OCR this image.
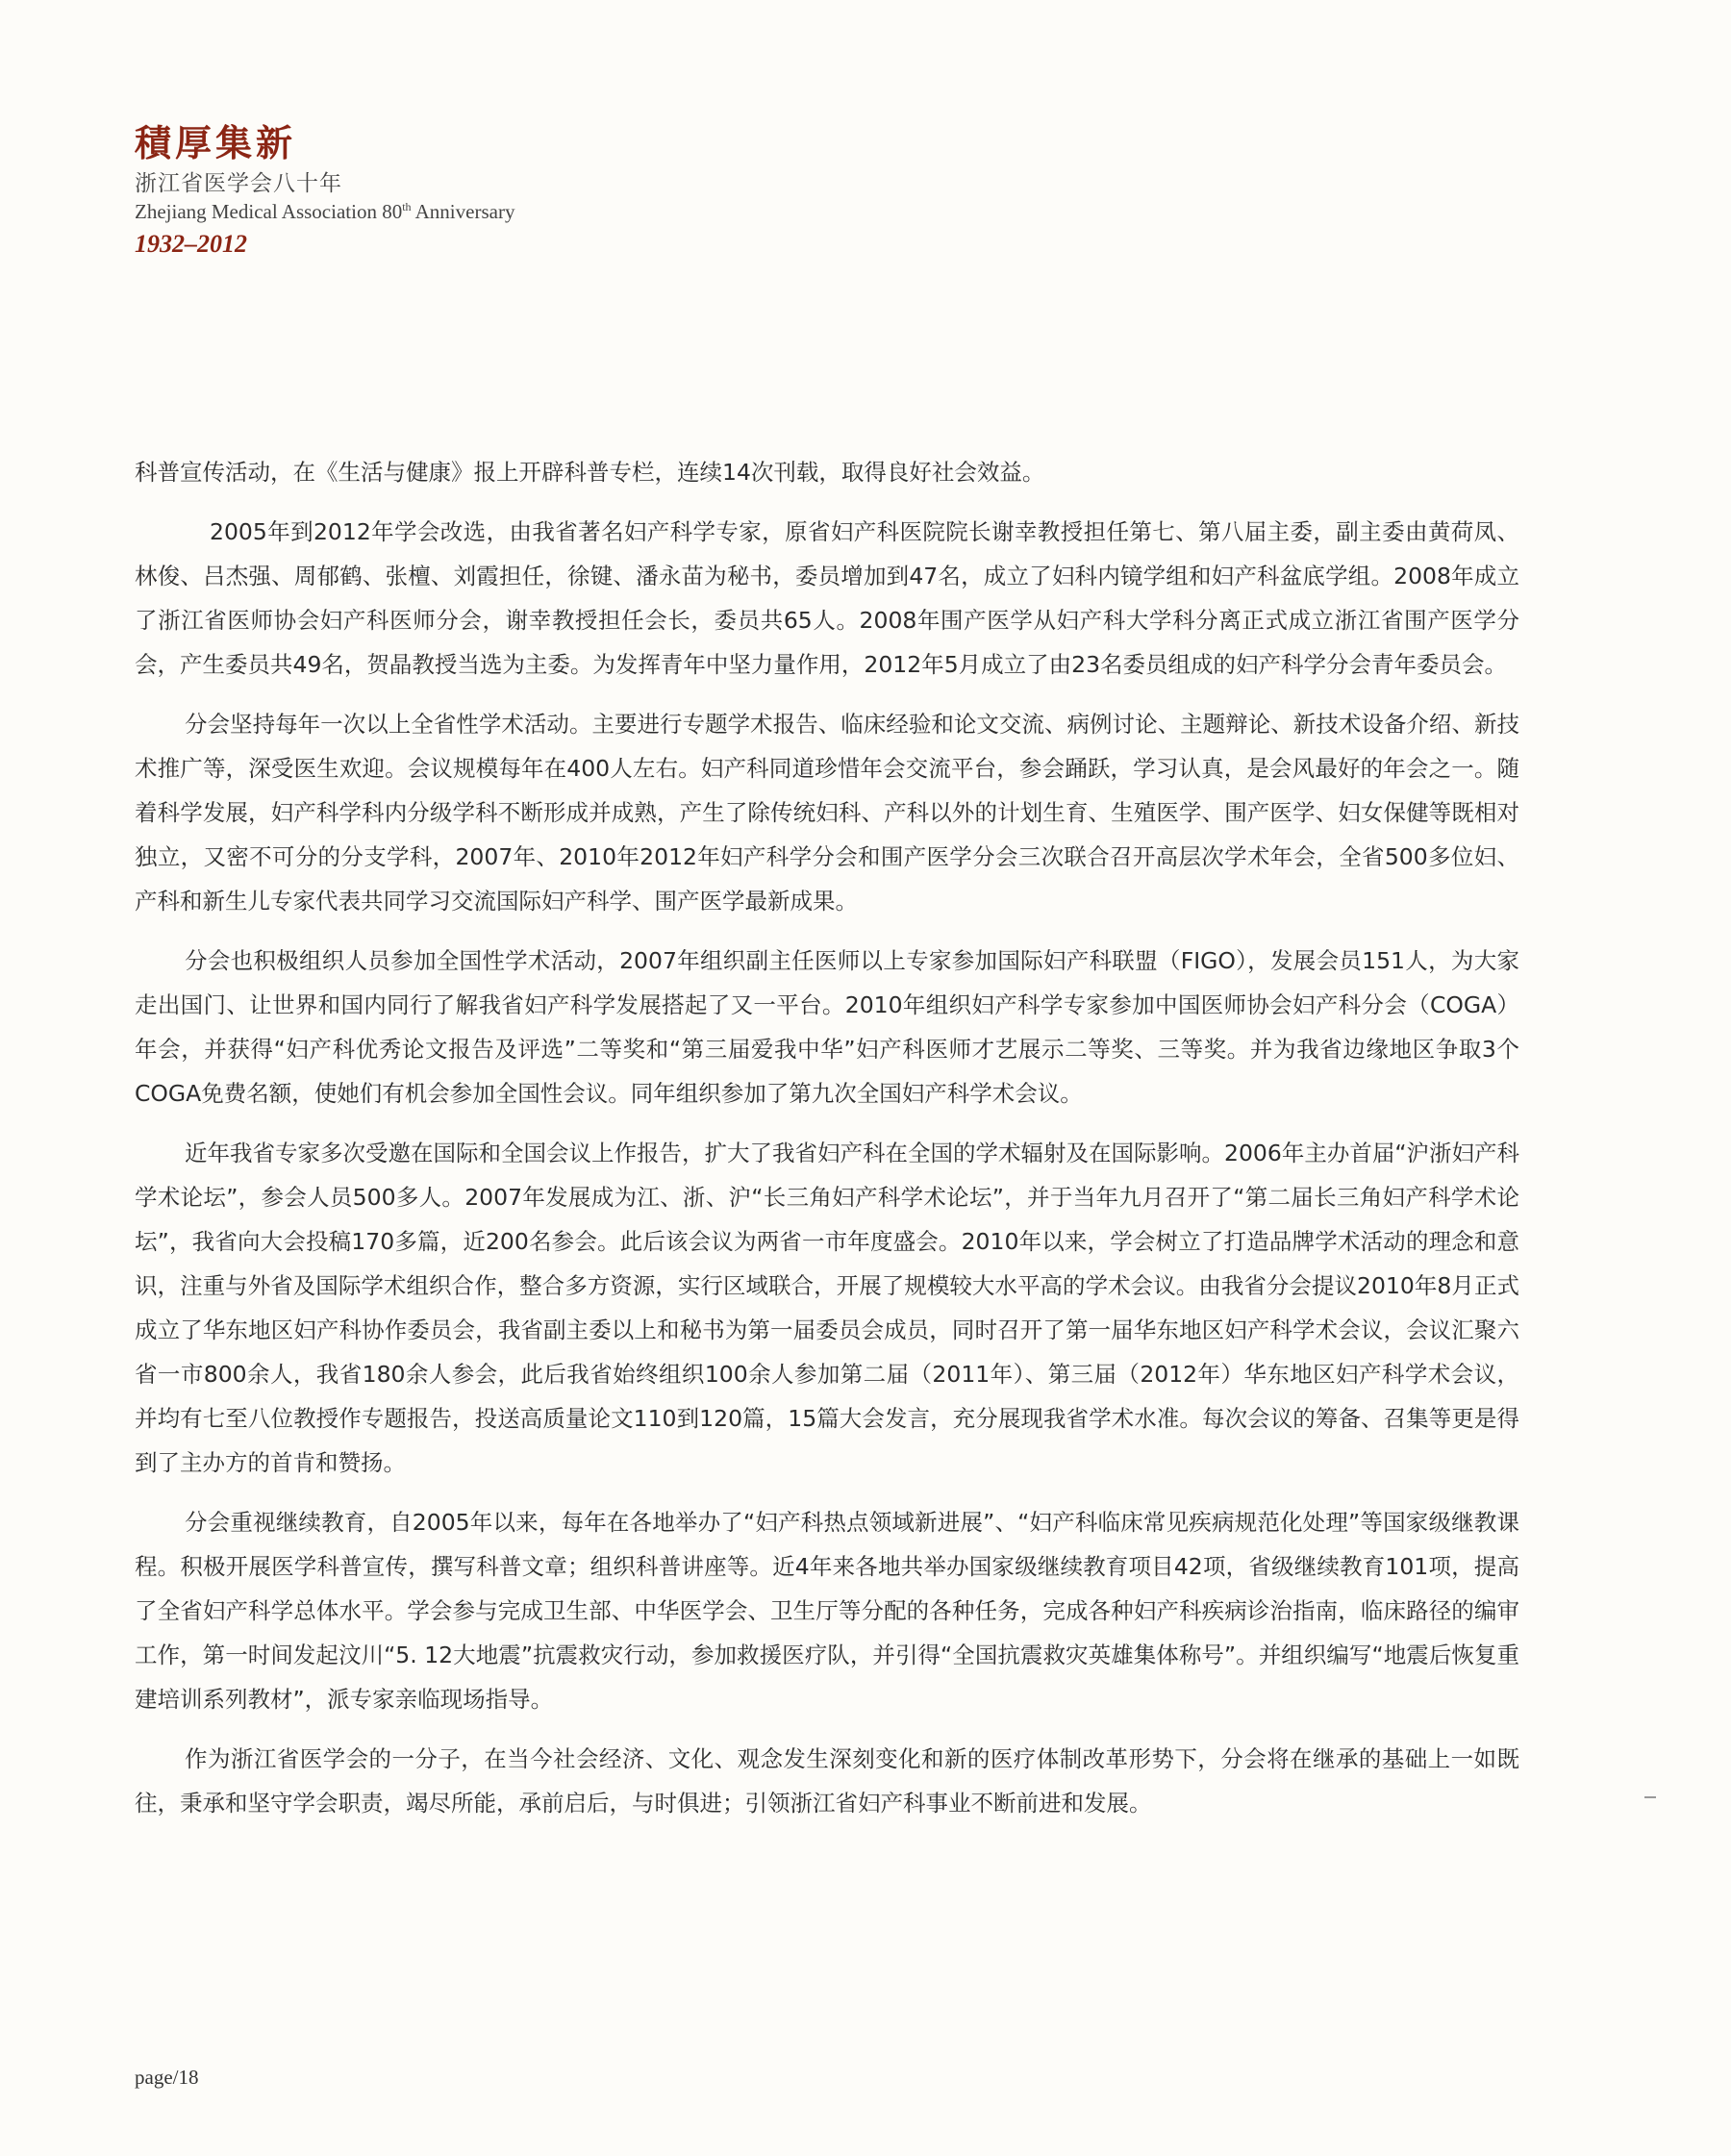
積厚集新
浙江省医学会八十年
Zhejiang Medical Association 80th Anniversary
1932–2012

科普宣传活动，在《生活与健康》报上开辟科普专栏，连续14次刊载，取得良好社会效益。

2005年到2012年学会改选，由我省著名妇产科学专家，原省妇产科医院院长谢幸教授担任第七、第八届主委，副主委由黄荷凤、林俊、吕杰强、周郁鹤、张檀、刘霞担任，徐键、潘永苗为秘书，委员增加到47名，成立了妇科内镜学组和妇产科盆底学组。2008年成立了浙江省医师协会妇产科医师分会，谢幸教授担任会长，委员共65人。2008年围产医学从妇产科大学科分离正式成立浙江省围产医学分会，产生委员共49名，贺晶教授当选为主委。为发挥青年中坚力量作用，2012年5月成立了由23名委员组成的妇产科学分会青年委员会。

分会坚持每年一次以上全省性学术活动。主要进行专题学术报告、临床经验和论文交流、病例讨论、主题辩论、新技术设备介绍、新技术推广等，深受医生欢迎。会议规模每年在400人左右。妇产科同道珍惜年会交流平台，参会踊跃，学习认真，是会风最好的年会之一。随着科学发展，妇产科学科内分级学科不断形成并成熟，产生了除传统妇科、产科以外的计划生育、生殖医学、围产医学、妇女保健等既相对独立，又密不可分的分支学科，2007年、2010年2012年妇产科学分会和围产医学分会三次联合召开高层次学术年会，全省500多位妇、产科和新生儿专家代表共同学习交流国际妇产科学、围产医学最新成果。

分会也积极组织人员参加全国性学术活动，2007年组织副主任医师以上专家参加国际妇产科联盟（FIGO），发展会员151人，为大家走出国门、让世界和国内同行了解我省妇产科学发展搭起了又一平台。2010年组织妇产科学专家参加中国医师协会妇产科分会（COGA）年会，并获得“妇产科优秀论文报告及评选”二等奖和“第三届爱我中华”妇产科医师才艺展示二等奖、三等奖。并为我省边缘地区争取3个COGA免费名额，使她们有机会参加全国性会议。同年组织参加了第九次全国妇产科学术会议。

近年我省专家多次受邀在国际和全国会议上作报告，扩大了我省妇产科在全国的学术辐射及在国际影响。2006年主办首届“沪浙妇产科学术论坛”，参会人员500多人。2007年发展成为江、浙、沪“长三角妇产科学术论坛”，并于当年九月召开了“第二届长三角妇产科学术论坛”，我省向大会投稿170多篇，近200名参会。此后该会议为两省一市年度盛会。2010年以来，学会树立了打造品牌学术活动的理念和意识，注重与外省及国际学术组织合作，整合多方资源，实行区域联合，开展了规模较大水平高的学术会议。由我省分会提议2010年8月正式成立了华东地区妇产科协作委员会，我省副主委以上和秘书为第一届委员会成员，同时召开了第一届华东地区妇产科学术会议，会议汇聚六省一市800余人，我省180余人参会，此后我省始终组织100余人参加第二届（2011年）、第三届（2012年）华东地区妇产科学术会议，并均有七至八位教授作专题报告，投送高质量论文110到120篇，15篇大会发言，充分展现我省学术水准。每次会议的筹备、召集等更是得到了主办方的首肯和赞扬。

分会重视继续教育，自2005年以来，每年在各地举办了“妇产科热点领域新进展”、“妇产科临床常见疾病规范化处理”等国家级继教课程。积极开展医学科普宣传，撰写科普文章；组织科普讲座等。近4年来各地共举办国家级继续教育项目42项，省级继续教育101项，提高了全省妇产科学总体水平。学会参与完成卫生部、中华医学会、卫生厅等分配的各种任务，完成各种妇产科疾病诊治指南，临床路径的编审工作，第一时间发起汶川“5. 12大地震”抗震救灾行动，参加救援医疗队，并引得“全国抗震救灾英雄集体称号”。并组织编写“地震后恢复重建培训系列教材”，派专家亲临现场指导。

作为浙江省医学会的一分子，在当今社会经济、文化、观念发生深刻变化和新的医疗体制改革形势下，分会将在继承的基础上一如既往，秉承和坚守学会职责，竭尽所能，承前启后，与时俱进；引领浙江省妇产科事业不断前进和发展。

page/18
